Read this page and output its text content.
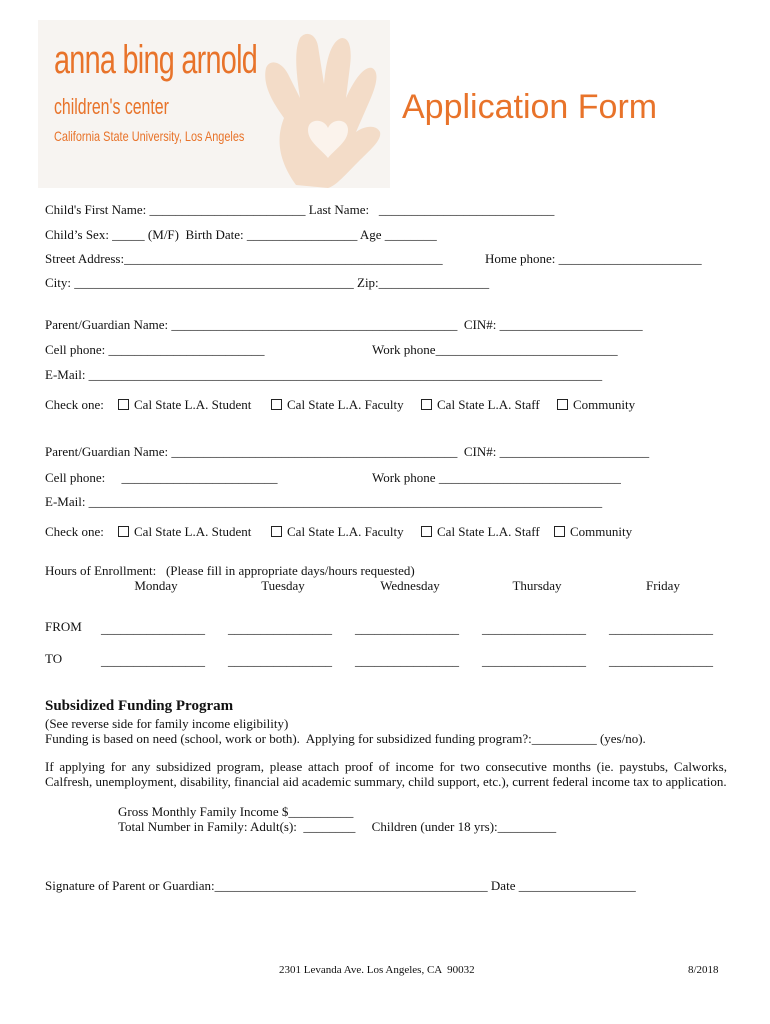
anna bing arnold
children's center
California State University, Los Angeles
Application Form
Child's First Name: ________________________ Last Name:   ___________________________
Child’s Sex: _____ (M/F)  Birth Date: _________________ Age ________
Street Address:_________________________________________________	Home phone: ______________________
City: ___________________________________________ Zip:_________________
Parent/Guardian Name: ____________________________________________  CIN#: ______________________
Cell phone: ________________________	Work phone____________________________
E-Mail: _______________________________________________________________________________
Check one:	Cal State L.A. Student	Cal State L.A. Faculty	Cal State L.A. Staff	Community
Parent/Guardian Name: ____________________________________________  CIN#: _______________________
Cell phone:     ________________________	Work phone ____________________________
E-Mail: _______________________________________________________________________________
Check one:	Cal State L.A. Student	Cal State L.A. Faculty	Cal State L.A. Staff	Community
Hours of Enrollment:   (Please fill in appropriate days/hours requested)
Monday	Tuesday	Wednesday	Thursday	Friday
FROM ________________ ________________ ________________ ________________ ________________
TO	________________ ________________ ________________ ________________ ________________
Subsidized Funding Program
(See reverse side for family income eligibility)
Funding is based on need (school, work or both).  Applying for subsidized funding program?:__________ (yes/no).
If applying for any subsidized program, please attach proof of income for two consecutive months (ie. paystubs, Calworks, Calfresh, unemployment, disability, financial aid academic summary, child support, etc.), current federal income tax to application.
Gross Monthly Family Income $__________
Total Number in Family: Adult(s):  ________     Children (under 18 yrs):_________
Signature of Parent or Guardian:__________________________________________ Date __________________
2301 Levanda Ave. Los Angeles, CA  90032	8/2018
